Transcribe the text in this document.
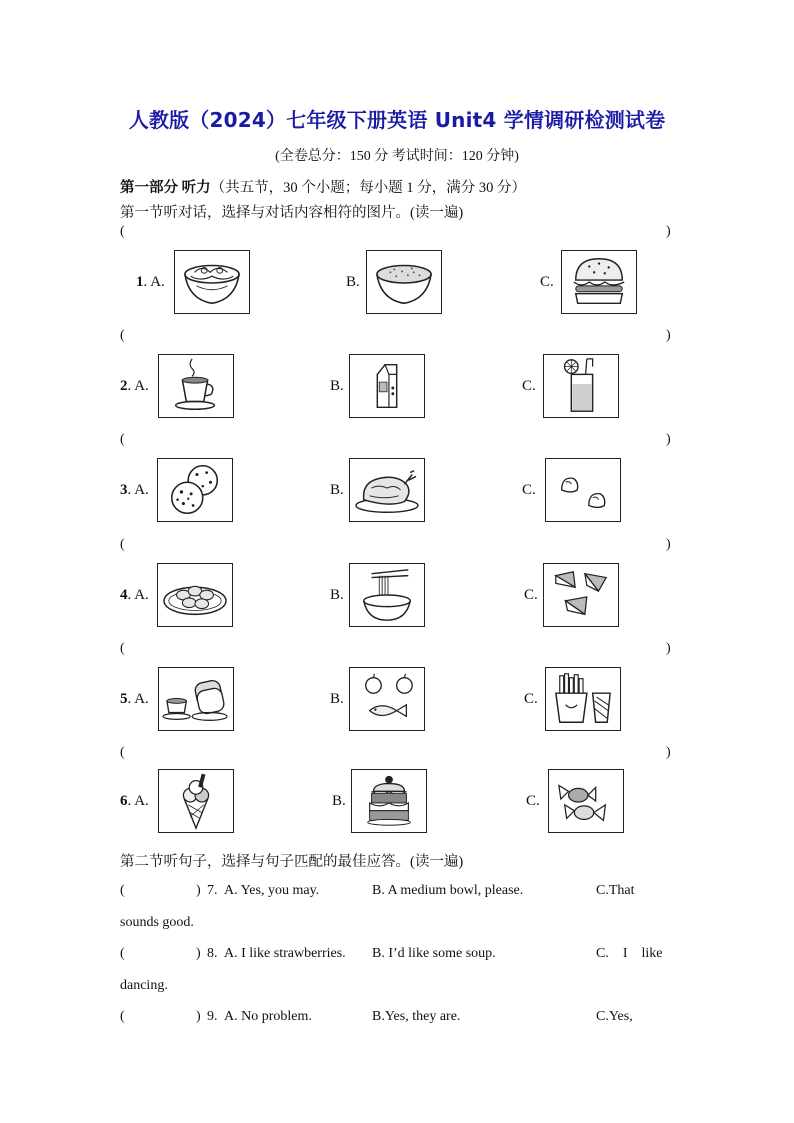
人教版（2024）七年级下册英语 Unit4 学情调研检测试卷
(全卷总分：150 分 考试时间：120 分钟)
第一部分 听力（共五节，30 个小题；每小题 1 分，满分 30 分）
第一节听对话，选择与对话内容相符的图片。(读一遍)
(	)
1. A.	B.	C.
(	)
2. A.	B.	C.
(	)
3. A.	B.	C.
(	)
4. A.	B.	C.
(	)
5. A.	B.	C.
(	)
6. A.	B.	C.
第二节听句子，选择与句子匹配的最佳应答。(读一遍)
(	) 7. A. Yes, you may.	B. A medium bowl, please.	C.That
sounds good.
(	) 8. A. I like strawberries. B. I’d like some soup.	C.    I    like
dancing.
(	) 9. A. No problem.	B.Yes, they are.	C.Yes,
